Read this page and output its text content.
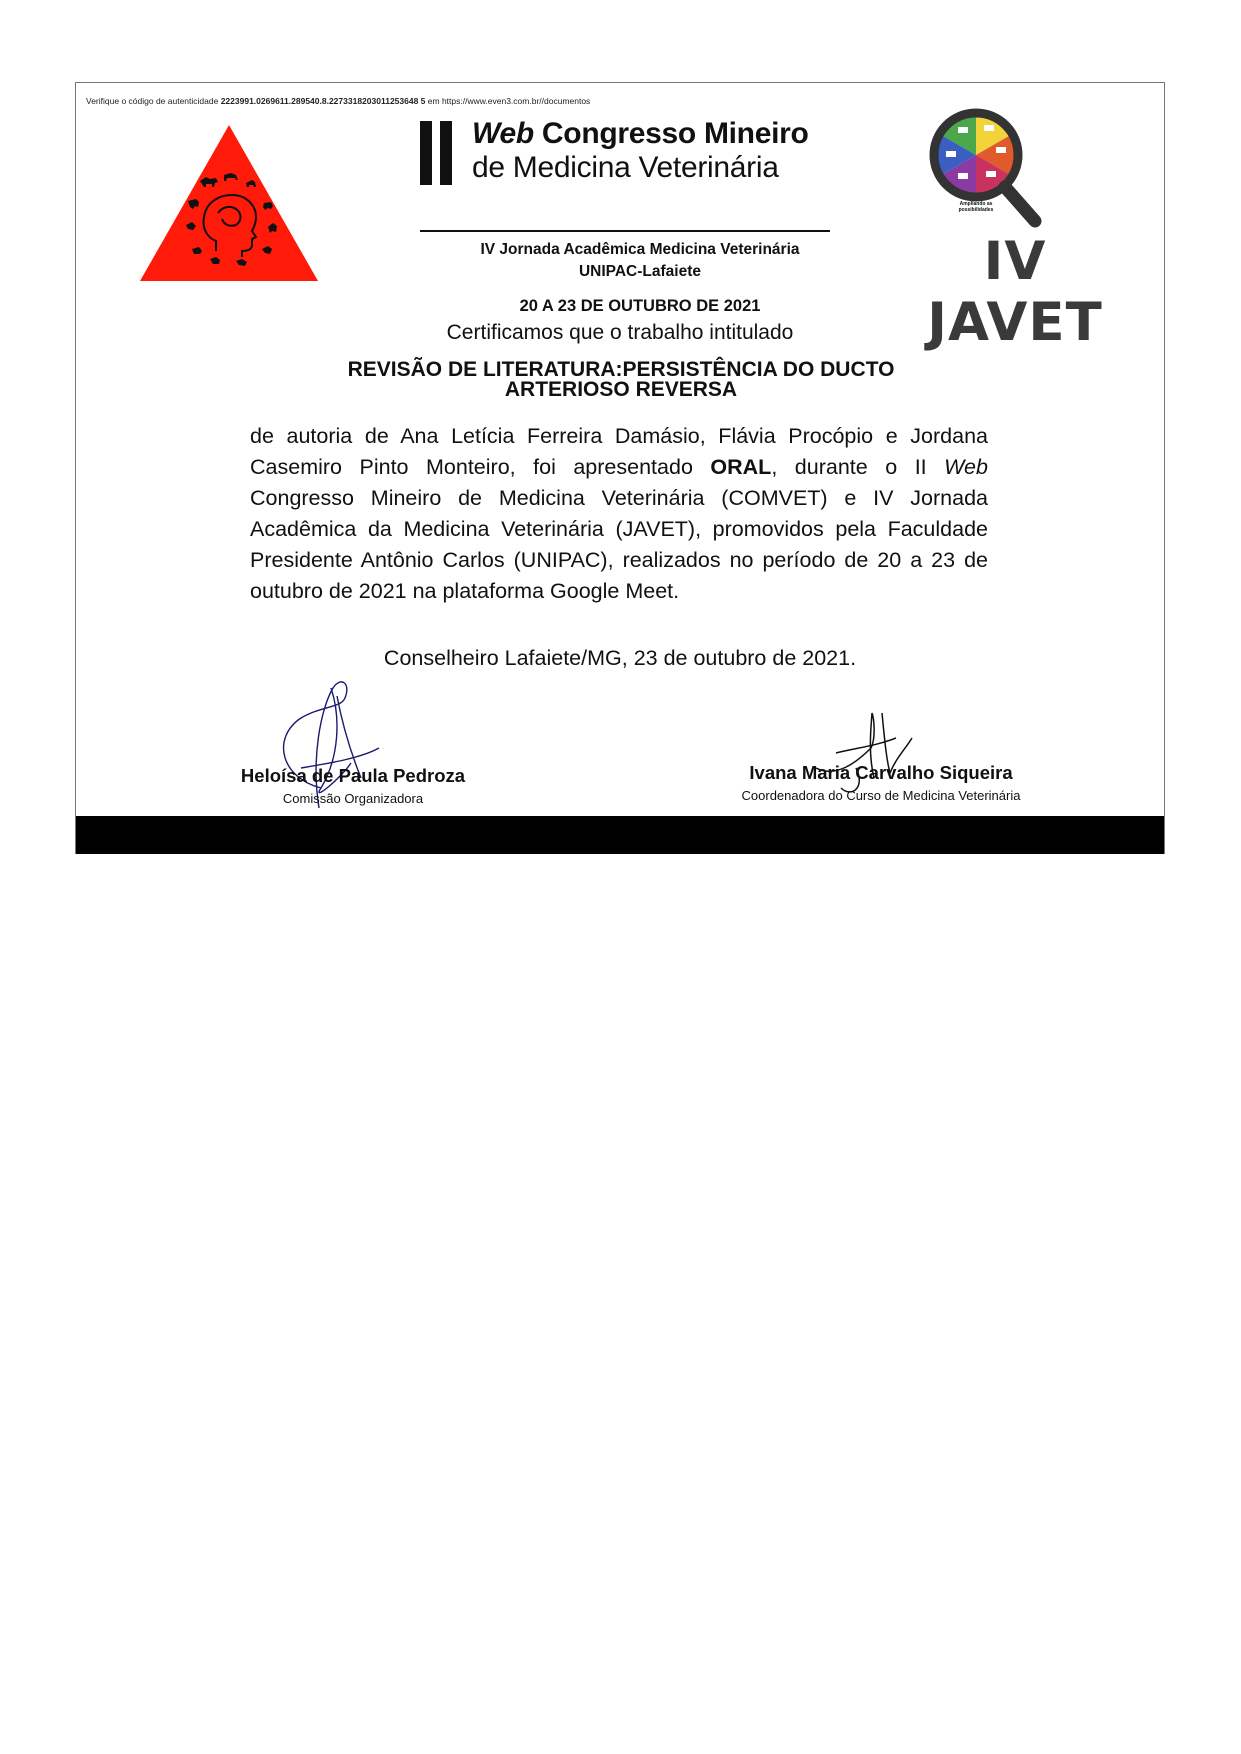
Verifique o código de autenticidade 2223991.0269611.289540.8.2273318203011253648 5 em https://www.even3.com.br//documentos
Web Congresso Mineiro
de Medicina Veterinária
IV Jornada Acadêmica Medicina Veterinária
UNIPAC-Lafaiete
20 A 23 DE OUTUBRO DE 2021
Ampliando as possibilidades
IV JAVET
Certificamos que o trabalho intitulado
REVISÃO DE LITERATURA:PERSISTÊNCIA DO DUCTO
ARTERIOSO REVERSA
de autoria de Ana Letícia Ferreira Damásio, Flávia Procópio e Jordana Casemiro Pinto Monteiro, foi apresentado ORAL, durante o II Web Congresso Mineiro de Medicina Veterinária (COMVET) e IV Jornada Acadêmica da Medicina Veterinária (JAVET), promovidos pela Faculdade Presidente Antônio Carlos (UNIPAC), realizados no período de 20 a 23 de outubro de 2021 na plataforma Google Meet.
Conselheiro Lafaiete/MG, 23 de outubro de 2021.
Heloísa de Paula Pedroza
Comissão Organizadora
Ivana Maria Carvalho Siqueira
Coordenadora do Curso de Medicina Veterinária
